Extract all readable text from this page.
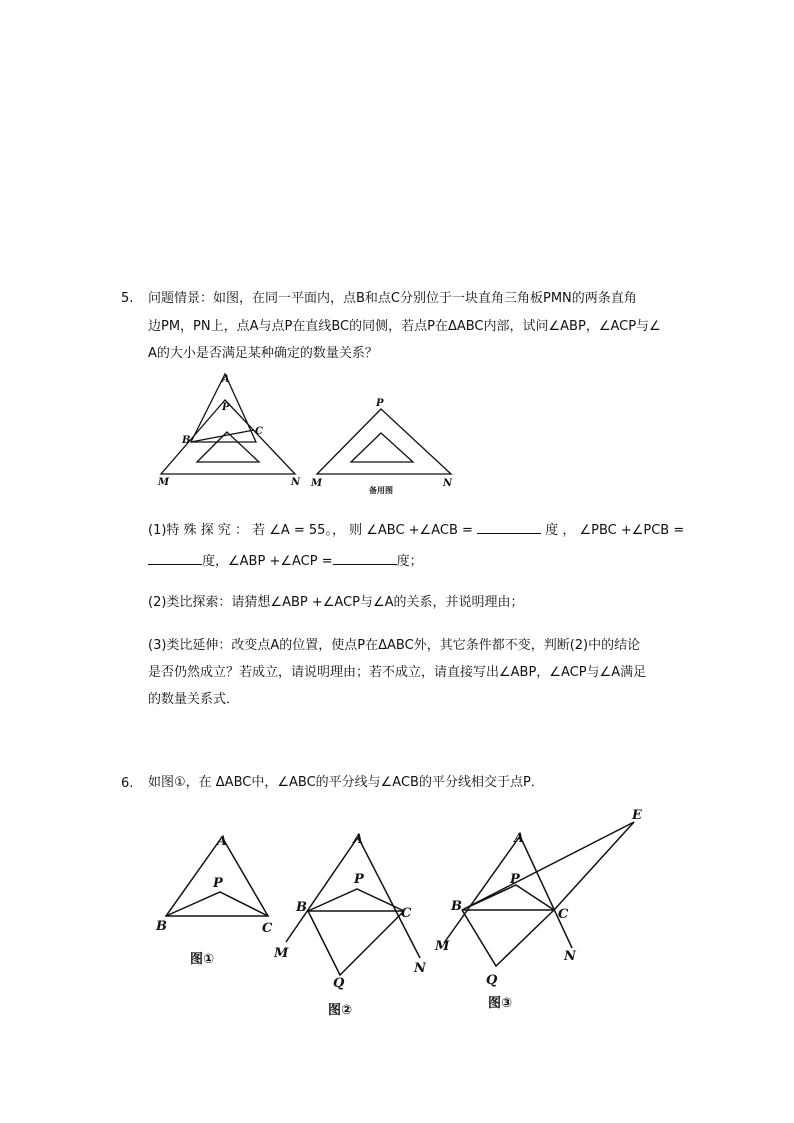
5. 问题情景：如图，在同一平面内，点B和点C分别位于一块直角三角板PMN的两条直角
边PM，PN上，点A与点P在直线BC的同侧，若点P在ΔABC内部，试问∠ABP，∠ACP与∠
A的大小是否满足某种确定的数量关系？
A
P
B
C
M	N
P
M	N
备用图
(1)特 殊 探 究 ： 若 ∠A = 55。， 则 ∠ABC +∠ACB =	度 ， ∠PBC +∠PCB =
度，∠ABP +∠ACP =	度；
(2)类比探索：请猜想∠ABP +∠ACP与∠A的关系，并说明理由；
(3)类比延伸：改变点A的位置，使点P在ΔABC外，其它条件都不变，判断(2)中的结论
是否仍然成立？若成立，请说明理由；若不成立，请直接写出∠ABP，∠ACP与∠A满足
的数量关系式．
6. 如图①，在 ΔABC中，∠ABC的平分线与∠ACB的平分线相交于点P．
A
P
B	C
图①
A
P
B	C
M
N
Q
图②
A
P
B
C
M
N
Q
E
图③
